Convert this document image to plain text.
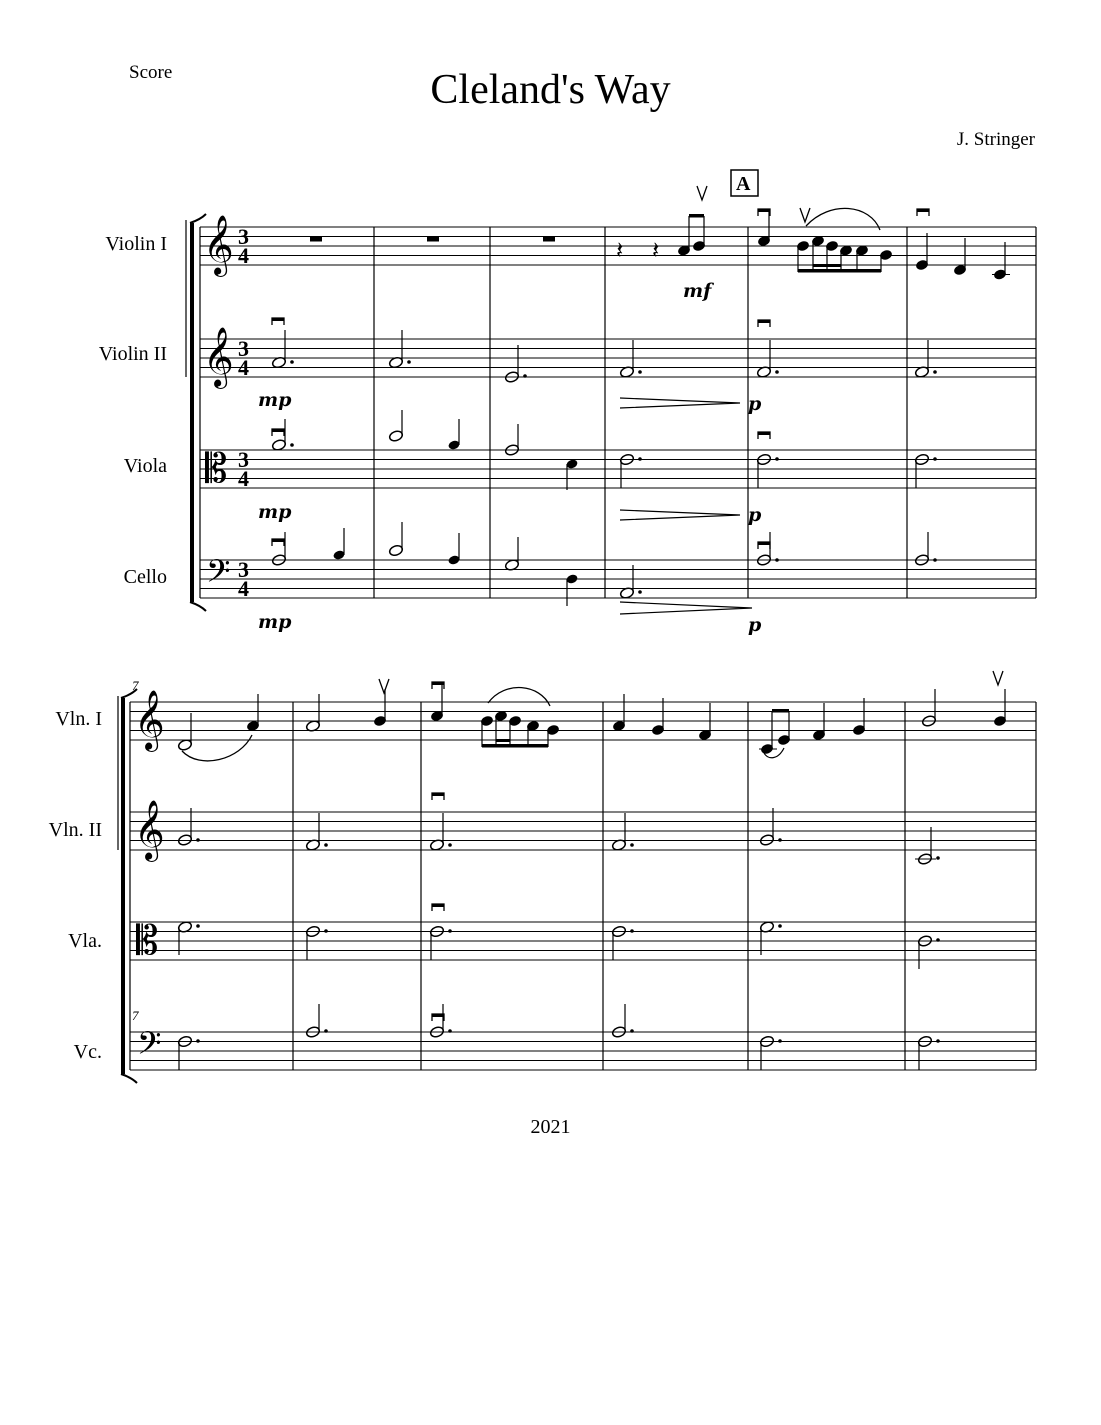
Score	Cleland's Way
J. Stringer
Violin I
Violin II
Viola
Cello
Vln. I
Vln. II
Vla.
Vc.
𝄞
𝄞
𝄡
𝄢
3
4
3
4
3
4
3
4
𝄽 𝄽
A
mf
mp	p
mp	p
mp	p
7
7
𝄞
𝄞
𝄡
𝄢
2021
